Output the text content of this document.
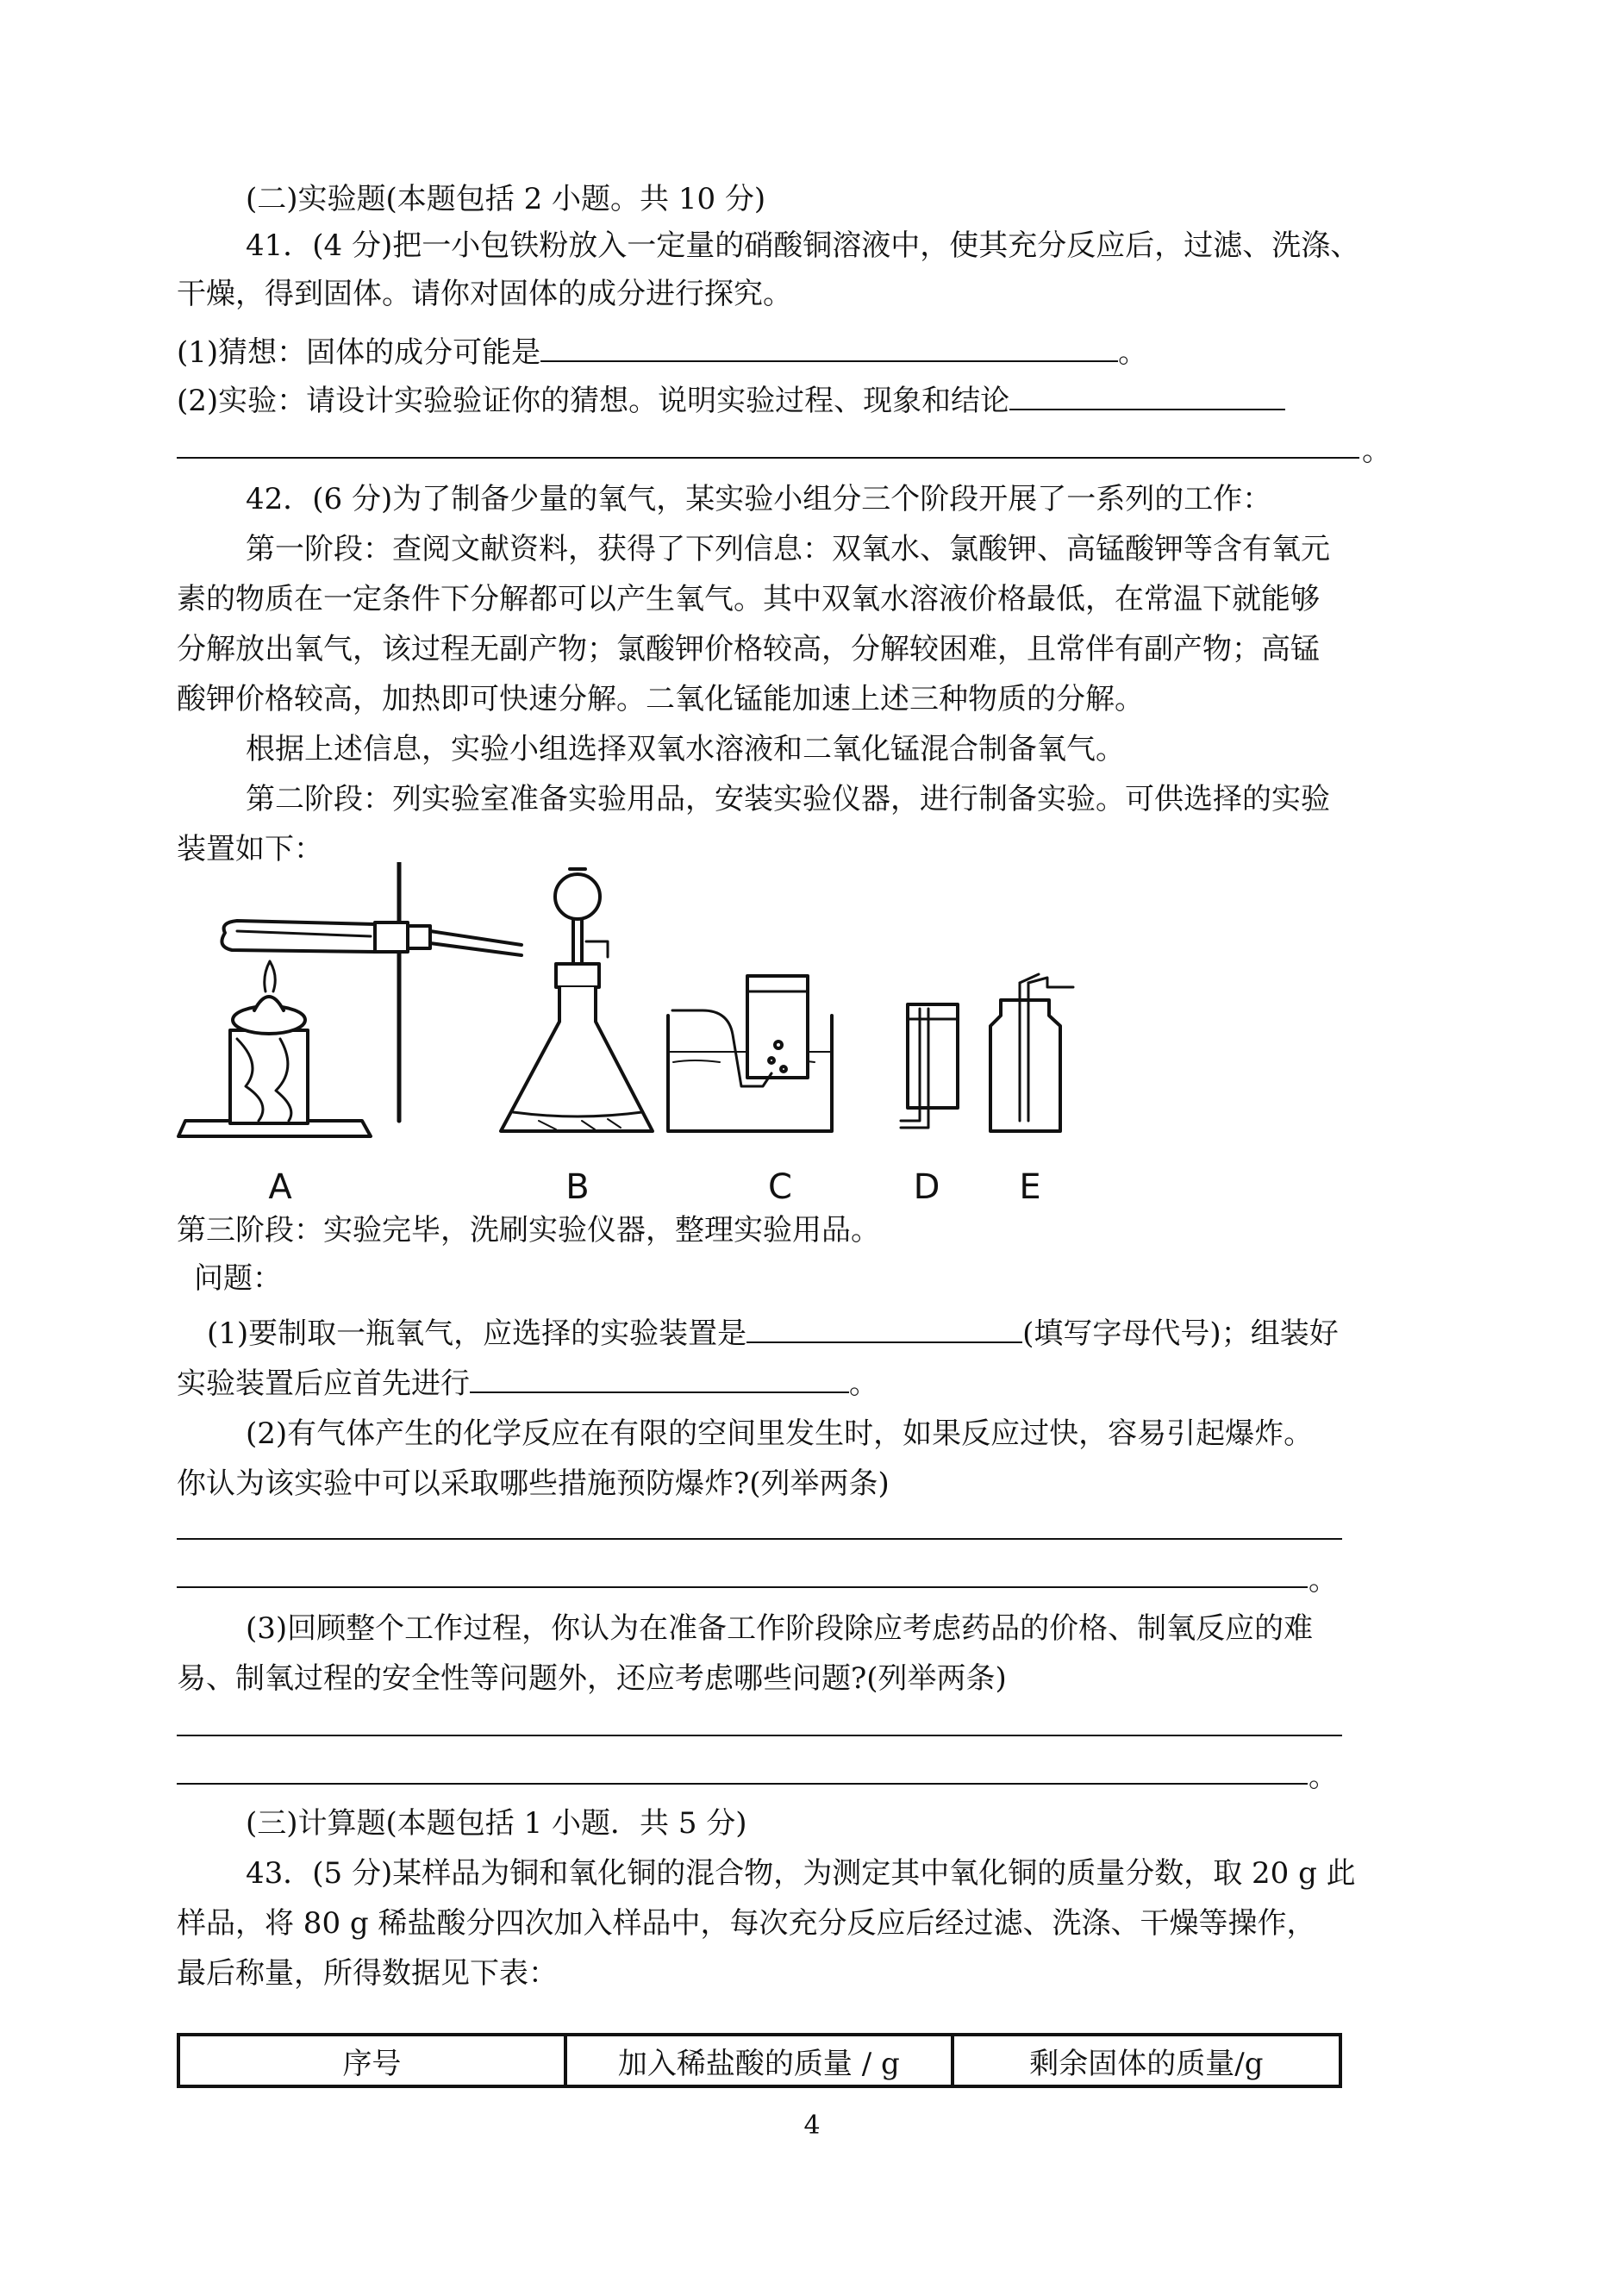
(二)实验题(本题包括 2 小题。共 10 分)
41．(4 分)把一小包铁粉放入一定量的硝酸铜溶液中，使其充分反应后，过滤、洗涤、
干燥，得到固体。请你对固体的成分进行探究。
(1)猜想：固体的成分可能是	。
(2)实验：请设计实验验证你的猜想。说明实验过程、现象和结论
。
42．(6 分)为了制备少量的氧气，某实验小组分三个阶段开展了一系列的工作：
第一阶段：查阅文献资料，获得了下列信息：双氧水、氯酸钾、高锰酸钾等含有氧元
素的物质在一定条件下分解都可以产生氧气。其中双氧水溶液价格最低，在常温下就能够
分解放出氧气，该过程无副产物；氯酸钾价格较高，分解较困难，且常伴有副产物；高锰
酸钾价格较高，加热即可快速分解。二氧化锰能加速上述三种物质的分解。
根据上述信息，实验小组选择双氧水溶液和二氧化锰混合制备氧气。
第二阶段：列实验室准备实验用品，安装实验仪器，进行制备实验。可供选择的实验
装置如下：
A	B	C	D E
第三阶段：实验完毕，洗刷实验仪器，整理实验用品。
问题：
(1)要制取一瓶氧气，应选择的实验装置是	(填写字母代号)；组装好
实验装置后应首先进行	。
(2)有气体产生的化学反应在有限的空间里发生时，如果反应过快，容易引起爆炸。
你认为该实验中可以采取哪些措施预防爆炸?(列举两条)
。
(3)回顾整个工作过程，你认为在准备工作阶段除应考虑药品的价格、制氧反应的难
易、制氧过程的安全性等问题外，还应考虑哪些问题?(列举两条)
。
(三)计算题(本题包括 1 小题．共 5 分)
43．(5 分)某样品为铜和氧化铜的混合物，为测定其中氧化铜的质量分数，取 20 g 此
样品，将 80 g 稀盐酸分四次加入样品中，每次充分反应后经过滤、洗涤、干燥等操作，
最后称量，所得数据见下表：
序号	加入稀盐酸的质量 / g	剩余固体的质量/g
4
